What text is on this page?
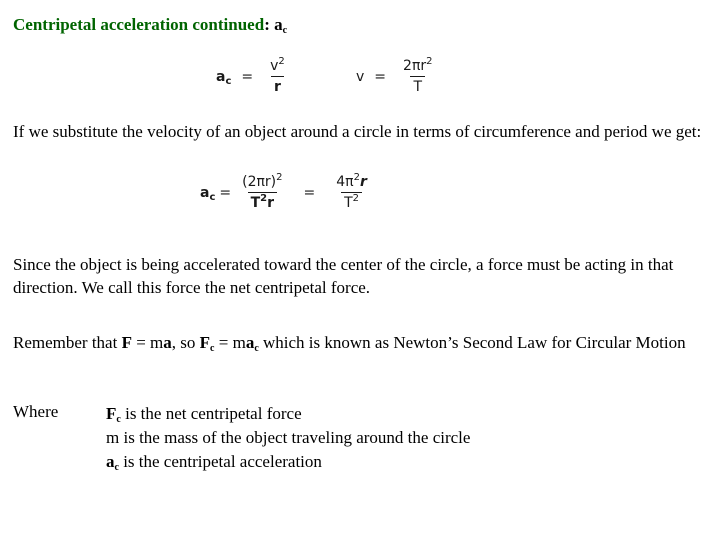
Centripetal acceleration continued: $a_c$
$a_c = \frac{v^2}{r}$	$v = \frac{2\pi r^2}{T}$
If we substitute the velocity of an object around a circle in terms of circumference and period we get:
$a_c = \frac{(2\pi r)^2}{T^2r} = \frac{4\pi^2r}{T^2}$
Since the object is being accelerated toward the center of the circle, a force must be acting in that direction. We call this force the net centripetal force.
Remember that F = ma, so $F_c = ma_c$ which is known as Newton’s Second Law for Circular Motion
Where	$F_c$ is the net centripetal force
m is the mass of the object traveling around the circle
$a_c$ is the centripetal acceleration
